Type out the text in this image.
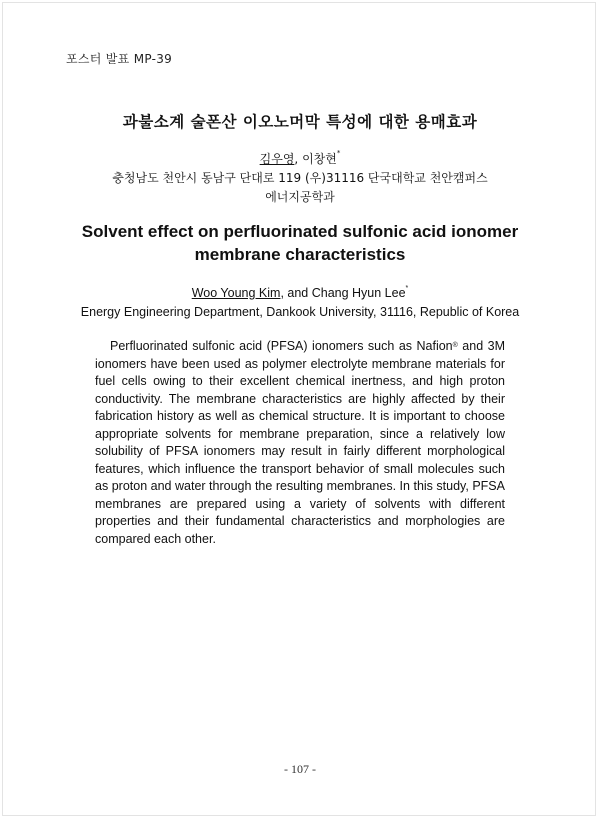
포스터 발표 MP-39
과불소계 술폰산 이오노머막 특성에 대한 용매효과
김우영, 이창현*
충청남도 천안시 동남구 단대로 119 (우)31116 단국대학교 천안캠퍼스
에너지공학과
Solvent effect on perfluorinated sulfonic acid ionomer
membrane characteristics
Woo Young Kim, and Chang Hyun Lee*
Energy Engineering Department, Dankook University, 31116, Republic of Korea

Perfluorinated sulfonic acid (PFSA) ionomers such as Nafion® and 3M ionomers have been used as polymer electrolyte membrane materials for fuel cells owing to their excellent chemical inertness, and high proton conductivity. The membrane characteristics are highly affected by their fabrication history as well as chemical structure. It is important to choose appropriate solvents for membrane preparation, since a relatively low solubility of PFSA ionomers may result in fairly different morphological features, which influence the transport behavior of small molecules such as proton and water through the resulting membranes. In this study, PFSA membranes are prepared using a variety of solvents with different properties and their fundamental characteristics and morphologies are compared each other.

- 107 -
